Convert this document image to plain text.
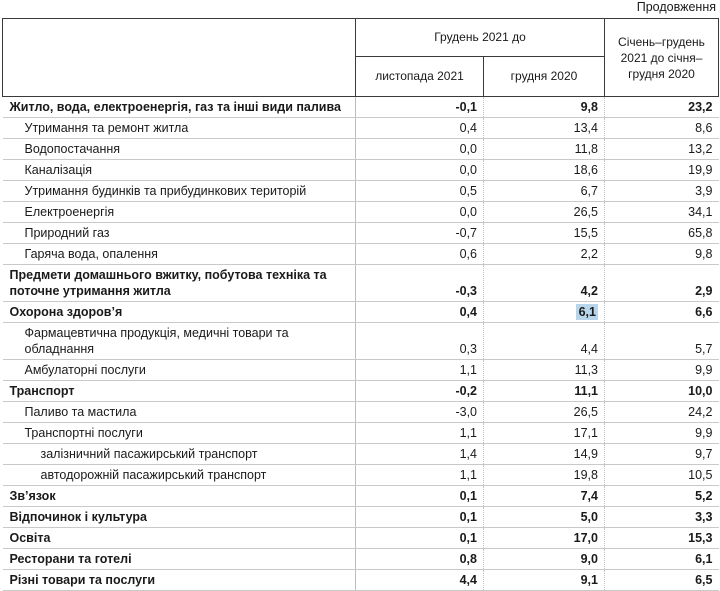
Продовження
	Грудень 2021 до		Січень–грудень 2021 до січня–грудня 2020
	листопада 2021	грудня 2020	
Житло, вода, електроенергія, газ та інші види палива	-0,1	9,8	23,2
Утримання та ремонт житла	0,4	13,4	8,6
Водопостачання	0,0	11,8	13,2
Каналізація	0,0	18,6	19,9
Утримання будинків та прибудинкових територій	0,5	6,7	3,9
Електроенергія	0,0	26,5	34,1
Природний газ	-0,7	15,5	65,8
Гаряча вода, опалення	0,6	2,2	9,8
Предмети домашнього вжитку, побутова техніка та поточне утримання житла	-0,3	4,2	2,9
Охорона здоров’я	0,4	6,1	6,6
Фармацевтична продукція, медичні товари та обладнання	0,3	4,4	5,7
Амбулаторні послуги	1,1	11,3	9,9
Транспорт	-0,2	11,1	10,0
Паливо та мастила	-3,0	26,5	24,2
Транспортні послуги	1,1	17,1	9,9
залізничний пасажирський транспорт	1,4	14,9	9,7
автодорожній пасажирський транспорт	1,1	19,8	10,5
Зв’язок	0,1	7,4	5,2
Відпочинок і культура	0,1	5,0	3,3
Освіта	0,1	17,0	15,3
Ресторани та готелі	0,8	9,0	6,1
Різні товари та послуги	4,4	9,1	6,5
